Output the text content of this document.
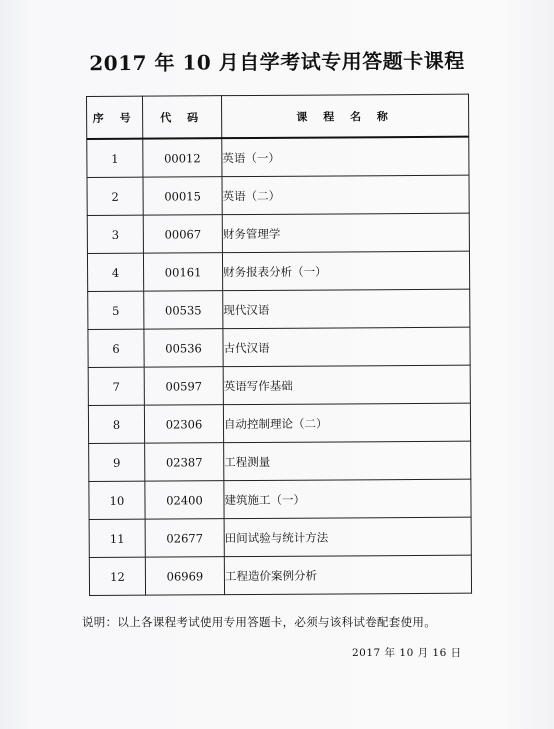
2017 年 10 月自学考试专用答题卡课程
序 号	代 码	课 程 名 称
1	00012	英语（一）
2	00015	英语（二）
3	00067	财务管理学
4	00161	财务报表分析（一）
5	00535	现代汉语
6	00536	古代汉语
7	00597	英语写作基础
8	02306	自动控制理论（二）
9	02387	工程测量
10	02400	建筑施工（一）
11	02677	田间试验与统计方法
12	06969	工程造价案例分析
说明：以上各课程考试使用专用答题卡，必须与该科试卷配套使用。
2017 年 10 月 16 日
